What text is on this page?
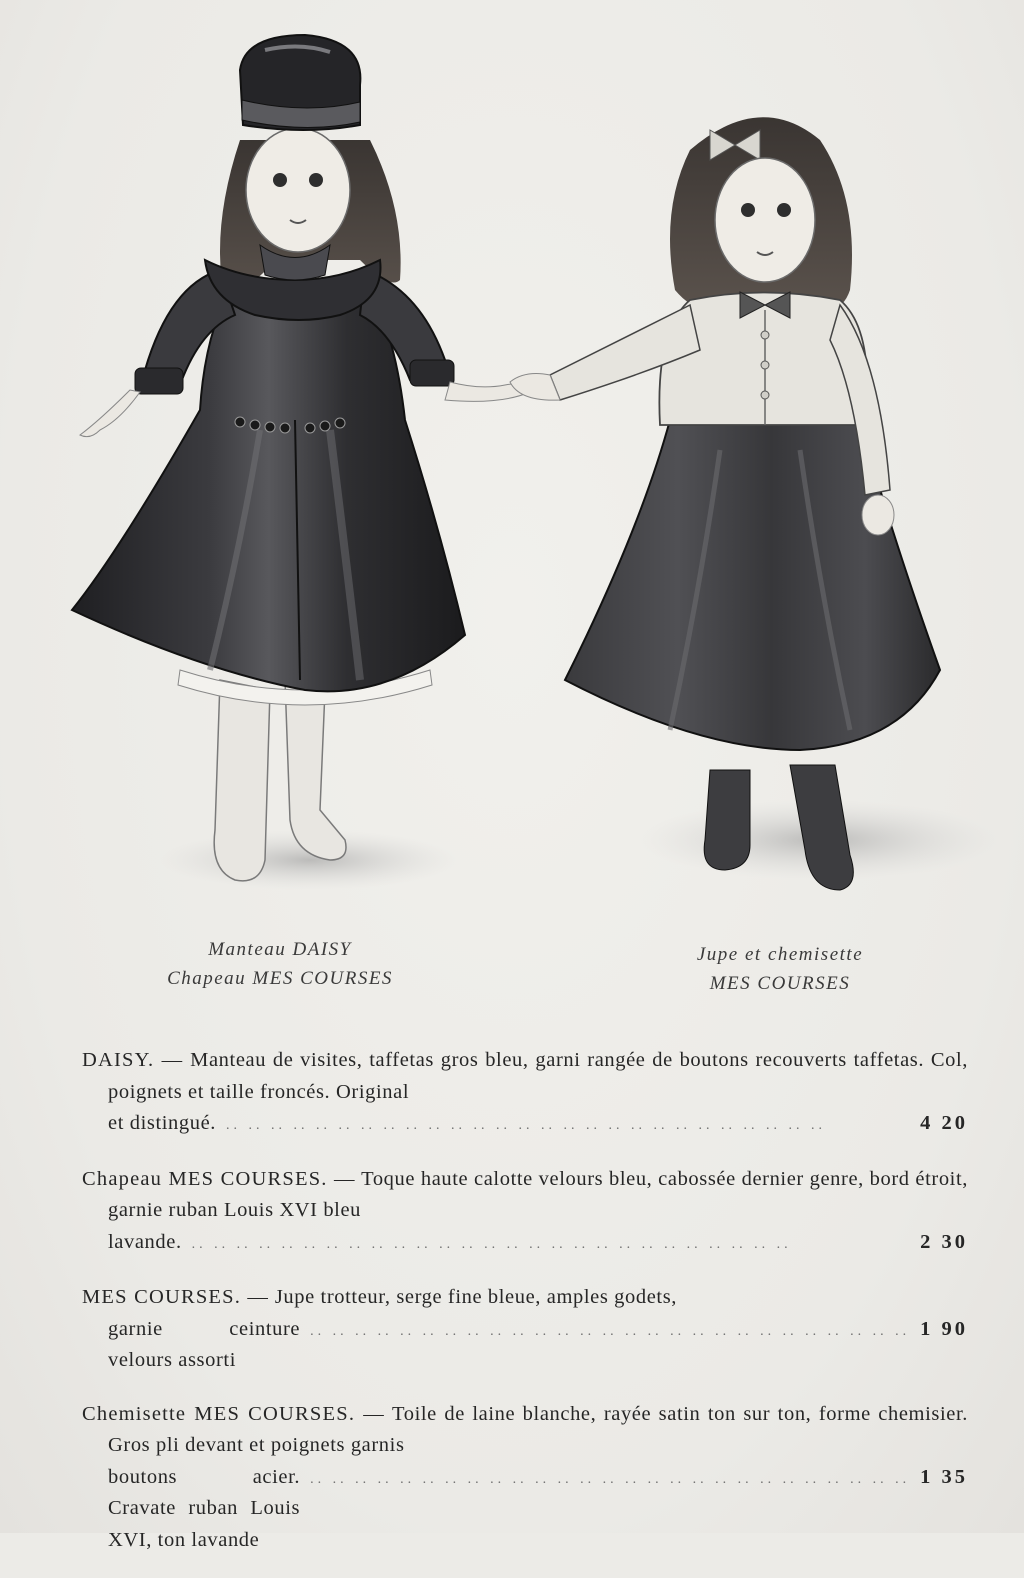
Manteau DAISY
Chapeau MES COURSES
Jupe et chemisette
MES COURSES
DAISY. — Manteau de visites, taffetas gros bleu, garni rangée de boutons recouverts taffetas. Col, poignets et taille froncés. Original
et distingué. .. .. .. .. .. .. .. .. .. .. .. .. .. .. .. .. .. .. .. .. .. .. .. .. .. .. ..	4 20
Chapeau MES COURSES. — Toque haute calotte velours bleu, cabossée dernier genre, bord étroit, garnie ruban Louis XVI bleu
lavande. .. .. .. .. .. .. .. .. .. .. .. .. .. .. .. .. .. .. .. .. .. .. .. .. .. .. ..	2 30
MES COURSES. — Jupe trotteur, serge fine bleue, amples godets,
garnie ceinture velours assorti
.. .. .. .. .. .. .. .. .. .. .. .. .. .. .. .. .. .. .. .. .. .. .. .. .. .. .. 1 90
Chemisette MES COURSES. — Toile de laine blanche, rayée satin ton sur ton, forme chemisier. Gros pli devant et poignets garnis
boutons acier. Cravate ruban Louis XVI, ton lavande
.. .. .. .. .. .. .. .. .. .. .. .. .. .. .. .. .. .. .. .. .. .. .. .. .. .. .. 1 35
